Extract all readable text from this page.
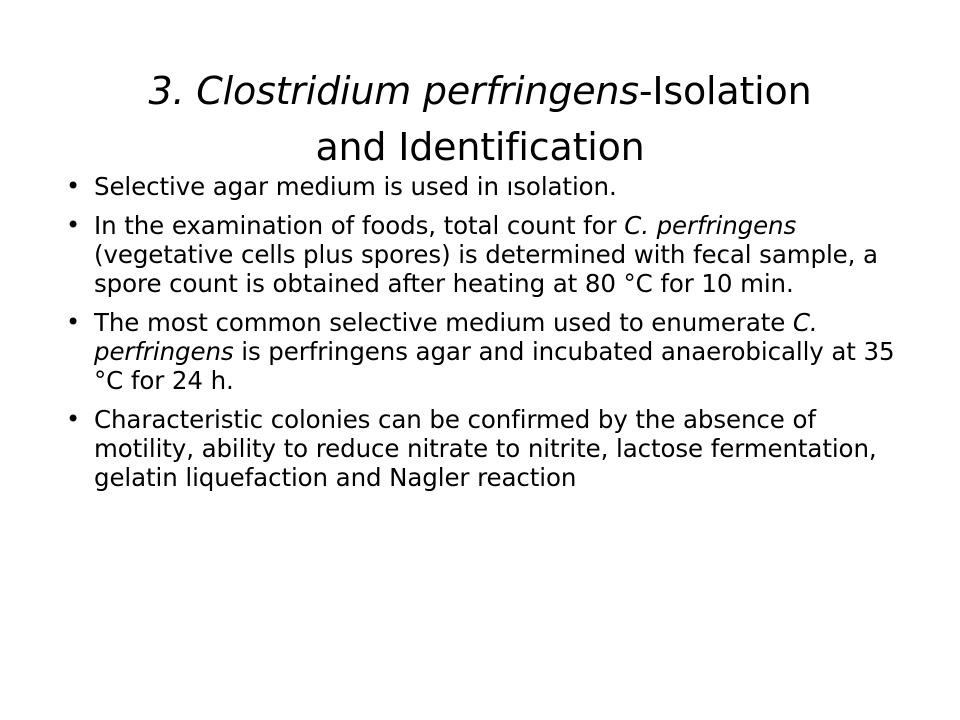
3. Clostridium perfringens-Isolation
and Identification
• Selective agar medium is used in ısolation.
• In the examination of foods, total count for C. perfringens (vegetative cells plus spores) is determined with fecal sample, a spore count is obtained after heating at 80 °C for 10 min.
• The most common selective medium used to enumerate C. perfringens is perfringens agar and incubated anaerobically at 35 °C for 24 h.
• Characteristic colonies can be confirmed by the absence of motility, ability to reduce nitrate to nitrite, lactose fermentation, gelatin liquefaction and Nagler reaction
